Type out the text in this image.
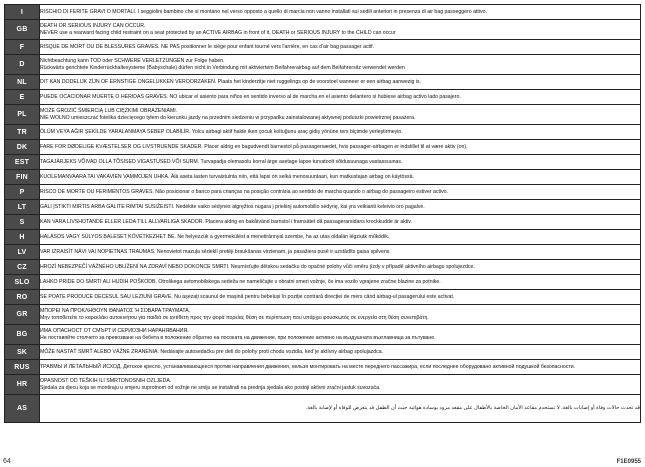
I	RISCHIO DI FERITE GRAVI O MORTALI. I seggiolini bambino che si montano nel verso opposto a quello di marcia non vanno installati sui sedili anteriori in presenza di air bag passeggero attivo.

GB	DEATH OR SERIOUS INJURY CAN OCCUR.
NEVER use a rearward facing child restraint on a seat protected by an ACTIVE AIRBAG in front of it, DEATH or SERIOUS INJURY to the CHILD can occur

F	RISQUE DE MORT OU DE BLESSURES GRAVES. NE PAS positionner le siège pour enfant tourné vers l'arrière, en cas d'air bag passager actif.

D	Nichtbeachtung kann TOD oder SCHWERE VERLETZUNGEN zur Folge haben.
Rückwärts gerichtete Kinderrückhaltesysteme (Babyschale) dürfen nicht in Verbindung mit aktiviertem Beifahrerairbag auf dem Beifahrersitz verwendet werden

NL	DIT KAN DODELIJK ZIJN OF ERNSTIGE ONGELUKKEN VEROORZAKEN. Plaats het kinderzitje niet ruggelings op de voorstoel wanneer er een airbag aanwezig is.

E	PUEDE OCACIONAR MUERTE O HERIDAS GRAVES. NO ubicar el asiento para niños en sentido inverso al de marcha en el asiento delantero si hubiese airbag activo lado pasajero.

PL	MOŻE GROZIĆ ŚMIERCIĄ LUB CIĘŻKIMI OBRAŻENIAMI.
NIE WOLNO umieszczać fotelika dziecięcego tyłem do kierunku jazdy na przednim siedzeniu w przypadku zainstalowanej aktywnej poduszki powietrznej pasażera.

TR	ÖLÜM VEYA AĞIR ŞEKİLDE YARALANMAYA SEBEP OLABİLİR. Yolcu airbagi aktif halde iken çocuk koltuğunu araç gidiş yönüne ters biçimde yerleştirmeyin.

DK	FARE FOR DØDELIGE KVÆSTELSER OG LIVSTRUENDE SKADER. Placer aldrig en bagudvendt barnestol på passagersædet, hvis passager-airbagen er indstillet til at være aktiv (on).

EST	TAGAJÄRJEKS VÕIVAD OLLA TÕSISED VIGASTUSED VÕI SURM. Turvapadja olemasolu korral ärge asetage lapse turvatoolt sõidusuunaga vastassuunas.

FIN	KUOLEMANVAARA TAI VAKAVIEN VAMMOJEN UHKA. Älä aseta lasten turvaistuinta niin, että lapsi on selkä menosuuntaan, kun matkustajan airbag on käytössä.

P	RISCO DE MORTE OU FERIMENTOS GRAVES. Não posicionar o banco para crianças na posição contrária ao sentido de marcha quando o airbag do passageiro estiver activo.

LT	GALI ĮSTIKTI MIRTIS ARBA GALITE RIMTAI SUSIŽEISTI. Nedėkite vaiko sėdynės atgręžtos nugara į priekinį automobilio sėdynę, kai yra veikianti keleivio oro pagalvė.

S	KAN VARA LIVSHOTANDE ELLER LEDA TILL ALLVARLIGA SKADOR. Placera aldrig en bakåtvänd barnstol i framsätet då passagerarsidans krockkudde är aktiv.

H	HALÁSOS VAGY SÚLYOS BALESET KÖVETKEZHET BE. Ne helyezzük a gyermekülést a menetiránnyal szembe, ha az utas oldalán légzsák működik.

LV	VAR IZRAISĪT NĀVI VAI NOPIETNAS TRAUMAS. Nenovietot mazuļa sēdeklī pretēji braukšanas virzienam, ja pasažiera pusē ir uzstādīts gaisa spilvens.

CZ	HROZÍ NEBEZPEČÍ VÁŽNÉHO UBLÍŽENÍ NA ZDRAVÍ NEBO DOKONCE SMRTI. Neumísťujte dětskou sedačku do opačné polohy vůči směru jízdy v případě aktivního airbagu spolujezdce.

SLO	LAHKO PRIDE DO SMRTI ALI HUDIH POŠKODB. Otroškega avtomobilskega sedeža ne nameščajte v obratni smeri vožnje, če ima vozilo vgrajene zračne blazine za potnike.

RO	SE POATE PRODUCE DECESUL SAU LEZIUNI GRAVE. Nu așezați scaunul de mașină pentru bebeluși în poziție contrară direcției de mers când airbag-ul pasagerului este activat.

GR	ΜΠΟΡΕΙ ΝΑ ΠΡΟΚΛΗΘΟΥΝ ΘΑΝΑΤΟΣ Ή ΣΟΒΑΡΑ ΤΡΑΥΜΑΤΑ.
Μην τοποθετείτε το καρεκλάκι αυτοκινήτου για παιδιά σε αντίθετη προς την φορά πορείας θέση σε περίπτωση που υπάρχει φουσκωτός σε ενεργεία στη θέση συνεπιβάτη.

BG	ИМА ОПАСНОСТ ОТ СМЪРТ И СЕРИОЗНИ НАРАНЯВАНИЯ.
Не поставяйте столчето за превозване на бебета в положение обратно на посоката на движение, при положение активно на въздушната възглавница за пътуване.

SK	MÔŽE NASTAŤ SMRŤ ALEBO VÁŽNE ZRANENIA. Nedávajte autosedačku pre deti do polohy proti chodu vozidla, keď je aktívny airbag spolujazdca.

RUS	ТРАВМЫ И ЛЕТАЛЬНЫЙ ИСХОД. Детское кресло, устанавливающееся против направления движения, нельзя монтировать на месте переднего пассажира, если последнее оборудовано активной подушкой безопасности.

HR	OPASNOST OD TEŠKIH ILI SMRTONOSNIH OZLJEDA.
Sjedala za djecu koja se montiraju u smjeru suprotnom od vožnje ne smiju se instalirati na prednja sjedala ako postoji aktivni zračni jastuk suvozača.

AS	قد تحدث حالات وفاة أو إصابات بالغة. لا تستخدم مقاعد الأمان الخاصة بالأطفال على مقعد مزود بوسادة هوائية حيث أن الطفل قد يتعرض للوفاة أو لإصابة بالغة.
64	F1E0955
